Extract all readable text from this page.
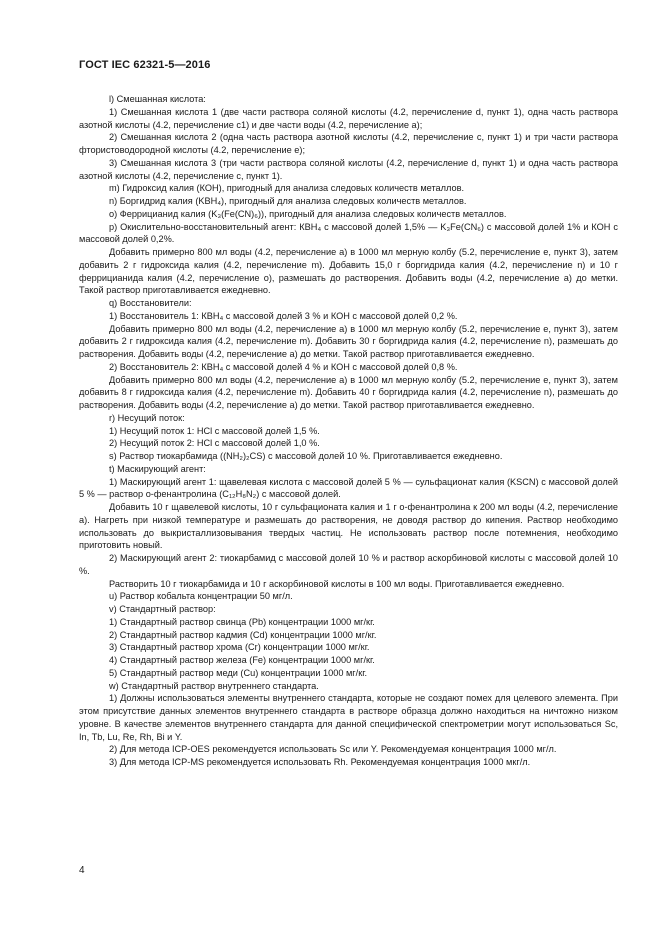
ГОСТ IEC 62321-5—2016

l) Смешанная кислота:

1) Смешанная кислота 1 (две части раствора соляной кислоты (4.2, перечисление d, пункт 1), одна часть раствора азотной кислоты (4.2, перечисление с1) и две части воды (4.2, перечисление а);

2) Смешанная кислота 2 (одна часть раствора азотной кислоты (4.2, перечисление с, пункт 1) и три части раствора фтористоводородной кислоты (4.2, перечисление е);

3) Смешанная кислота 3 (три части раствора соляной кислоты (4.2, перечисление d, пункт 1) и одна часть раствора азотной кислоты (4.2, перечисление с, пункт 1).

m) Гидроксид калия (КОН), пригодный для анализа следовых количеств металлов.

n) Боргидрид калия (KBH₄), пригодный для анализа следовых количеств металлов.

о) Феррицианид калия (K₃(Fe(CN)₆)), пригодный для анализа следовых количеств металлов.

р) Окислительно-восстановительный агент: КВН₄ с массовой долей 1,5% — K₃Fe(CN₆) с массовой долей 1% и КОН с массовой долей 0,2%.

Добавить примерно 800 мл воды (4.2, перечисление а) в 1000 мл мерную колбу (5.2, перечисление е, пункт 3), затем добавить 2 г гидроксида калия (4.2, перечисление m). Добавить 15,0 г боргидрида калия (4.2, перечисление n) и 10 г феррицианида калия (4.2, перечисление о), размешать до растворения. Добавить воды (4.2, перечисление а) до метки. Такой раствор приготавливается ежедневно.

q) Восстановители:

1) Восстановитель 1: КВН₄ с массовой долей 3 % и КОН с массовой долей 0,2 %.

Добавить примерно 800 мл воды (4.2, перечисление а) в 1000 мл мерную колбу (5.2, перечисление е, пункт 3), затем добавить 2 г гидроксида калия (4.2, перечисление m). Добавить 30 г боргидрида калия (4.2, перечисление n), размешать до растворения. Добавить воды (4.2, перечисление а) до метки. Такой раствор приготавливается ежедневно.

2) Восстановитель 2: КВН₄ с массовой долей 4 % и КОН с массовой долей 0,8 %.

Добавить примерно 800 мл воды (4.2, перечисление а) в 1000 мл мерную колбу (5.2, перечисление е, пункт 3), затем добавить 8 г гидроксида калия (4.2, перечисление m). Добавить 40 г боргидрида калия (4.2, перечисление n), размешать до растворения. Добавить воды (4.2, перечисление а) до метки. Такой раствор приготавливается ежедневно.

r) Несущий поток:

1) Несущий поток 1: HCl с массовой долей 1,5 %.

2) Несущий поток 2: HCl с массовой долей 1,0 %.

s) Раствор тиокарбамида ((NH₂)₂CS) с массовой долей 10 %. Приготавливается ежедневно.

t) Маскирующий агент:

1) Маскирующий агент 1: щавелевая кислота с массовой долей 5 % — сульфационат калия (KSCN) с массовой долей 5 % — раствор о-фенантролина (C₁₂H₈N₂) с массовой долей.

Добавить 10 г щавелевой кислоты, 10 г сульфационата калия и 1 г о-фенантролина к 200 мл воды (4.2, перечисление а). Нагреть при низкой температуре и размешать до растворения, не доводя раствор до кипения. Раствор необходимо использовать до выкристаллизовывания твердых частиц. Не использовать раствор после потемнения, необходимо приготовить новый.

2) Маскирующий агент 2: тиокарбамид с массовой долей 10 % и раствор аскорбиновой кислоты с массовой долей 10 %.

Растворить 10 г тиокарбамида и 10 г аскорбиновой кислоты в 100 мл воды. Приготавливается ежедневно.

u) Раствор кобальта концентрации 50 мг/л.

v) Стандартный раствор:

1) Стандартный раствор свинца (Pb) концентрации 1000 мг/кг.

2) Стандартный раствор кадмия (Cd) концентрации 1000 мг/кг.

3) Стандартный раствор хрома (Cr) концентрации 1000 мг/кг.

4) Стандартный раствор железа (Fe) концентрации 1000 мг/кг.

5) Стандартный раствор меди (Cu) концентрации 1000 мг/кг.

w) Стандартный раствор внутреннего стандарта.

1) Должны использоваться элементы внутреннего стандарта, которые не создают помех для целевого элемента. При этом присутствие данных элементов внутреннего стандарта в растворе образца должно находиться на ничтожно низком уровне. В качестве элементов внутреннего стандарта для данной специфической спектрометрии могут использоваться Sc, In, Tb, Lu, Re, Rh, Bi и Y.

2) Для метода ICP-OES рекомендуется использовать Sc или Y. Рекомендуемая концентрация 1000 мг/л.

3) Для метода ICP-MS рекомендуется использовать Rh. Рекомендуемая концентрация 1000 мкг/л.

4
